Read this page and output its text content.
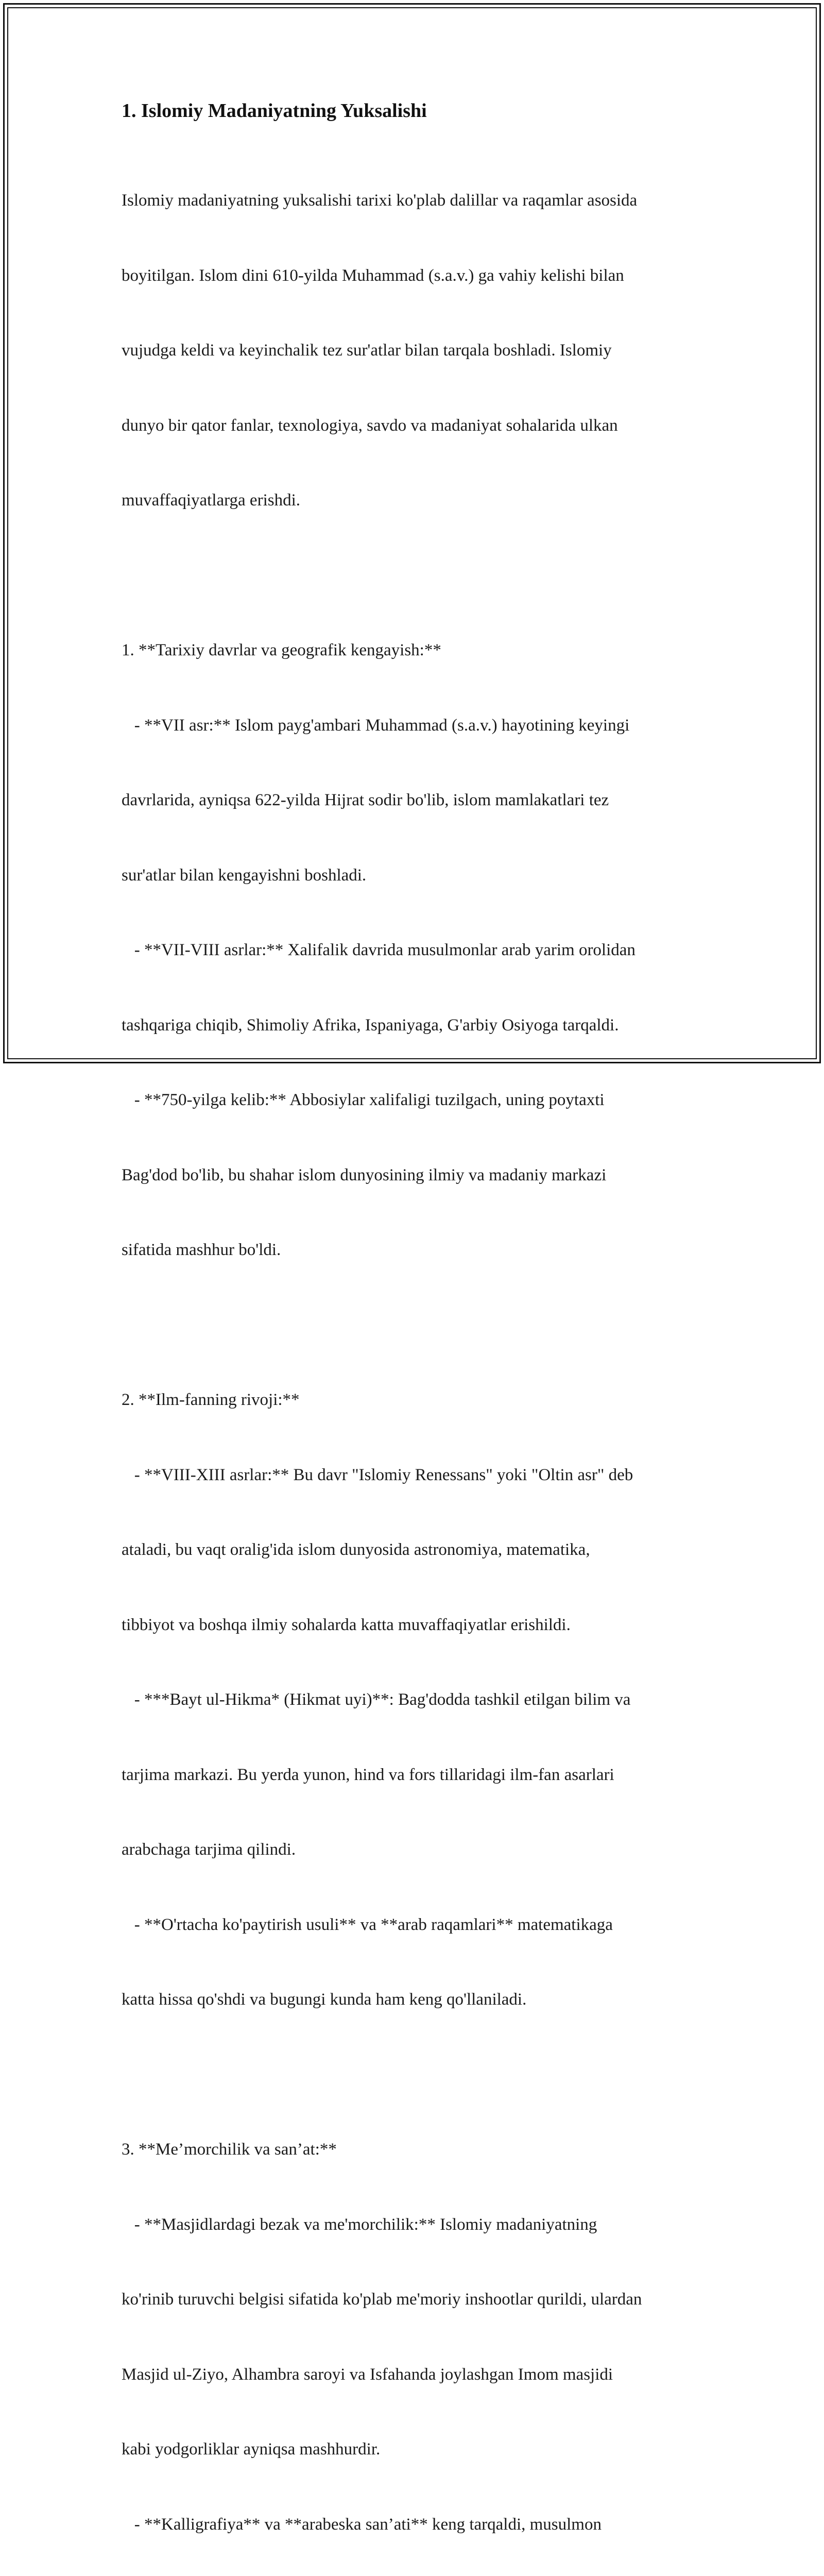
1. Islomiy Madaniyatning Yuksalishi

Islomiy madaniyatning yuksalishi tarixi ko'plab dalillar va raqamlar asosida

boyitilgan. Islom dini 610-yilda Muhammad (s.a.v.) ga vahiy kelishi bilan

vujudga keldi va keyinchalik tez sur'atlar bilan tarqala boshladi. Islomiy

dunyo bir qator fanlar, texnologiya, savdo va madaniyat sohalarida ulkan

muvaffaqiyatlarga erishdi.

1. **Tarixiy davrlar va geografik kengayish:**

- **VII asr:** Islom payg'ambari Muhammad (s.a.v.) hayotining keyingi

davrlarida, ayniqsa 622-yilda Hijrat sodir bo'lib, islom mamlakatlari tez

sur'atlar bilan kengayishni boshladi.

- **VII-VIII asrlar:** Xalifalik davrida musulmonlar arab yarim orolidan

tashqariga chiqib, Shimoliy Afrika, Ispaniyaga, G'arbiy Osiyoga tarqaldi.

- **750-yilga kelib:** Abbosiylar xalifaligi tuzilgach, uning poytaxti

Bag'dod bo'lib, bu shahar islom dunyosining ilmiy va madaniy markazi

sifatida mashhur bo'ldi.

2. **Ilm-fanning rivoji:**

- **VIII-XIII asrlar:** Bu davr "Islomiy Renessans" yoki "Oltin asr" deb

ataladi, bu vaqt oralig'ida islom dunyosida astronomiya, matematika,

tibbiyot va boshqa ilmiy sohalarda katta muvaffaqiyatlar erishildi.

- ***Bayt ul-Hikma* (Hikmat uyi)**: Bag'dodda tashkil etilgan bilim va

tarjima markazi. Bu yerda yunon, hind va fors tillaridagi ilm-fan asarlari

arabchaga tarjima qilindi.

- **O'rtacha ko'paytirish usuli** va **arab raqamlari** matematikaga

katta hissa qo'shdi va bugungi kunda ham keng qo'llaniladi.

3. **Me’morchilik va san’at:**

- **Masjidlardagi bezak va me'morchilik:** Islomiy madaniyatning

ko'rinib turuvchi belgisi sifatida ko'plab me'moriy inshootlar qurildi, ulardan

Masjid ul-Ziyo, Alhambra saroyi va Isfahanda joylashgan Imom masjidi

kabi yodgorliklar ayniqsa mashhurdir.

- **Kalligrafiya** va **arabeska san’ati** keng tarqaldi, musulmon
